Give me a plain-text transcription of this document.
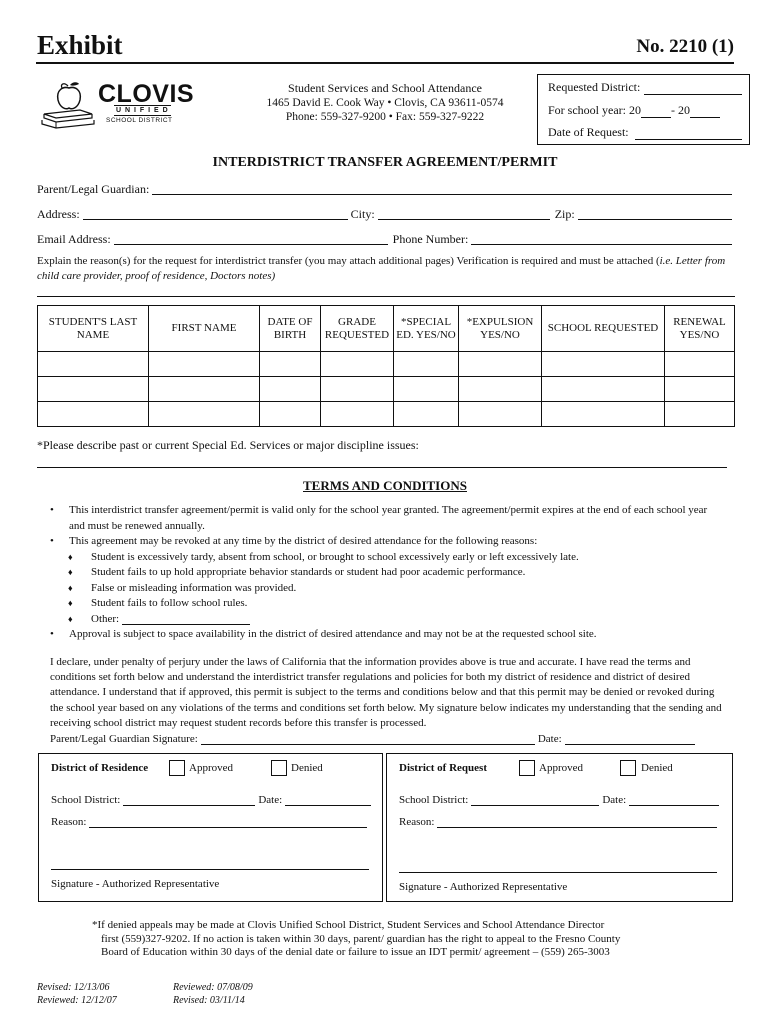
Exhibit	No. 2210 (1)
CLOVIS
U N I F I E D
SCHOOL DISTRICT
Student Services and School Attendance
1465 David E. Cook Way • Clovis, CA 93611-0574
Phone: 559-327-9200 • Fax: 559-327-9222
Requested District:
For school year: 20	- 20
Date of Request:
INTERDISTRICT TRANSFER AGREEMENT/PERMIT
Parent/Legal Guardian:
Address:	City:	Zip:
Email Address:	Phone Number:
Explain the reason(s) for the request for interdistrict transfer (you may attach additional pages) Verification is required and must be attached (i.e. Letter from child care provider, proof of residence, Doctors notes)
STUDENT'S LAST NAME	FIRST NAME	DATE OF BIRTH	GRADE REQUESTED	*SPECIAL ED. YES/NO	*EXPULSION YES/NO	SCHOOL REQUESTED	RENEWAL YES/NO

*Please describe past or current Special Ed. Services or major discipline issues:
TERMS AND CONDITIONS
•	This interdistrict transfer agreement/permit is valid only for the school year granted. The agreement/permit expires at the end of each school year and must be renewed annually.
•	This agreement may be revoked at any time by the district of desired attendance for the following reasons:
♦	Student is excessively tardy, absent from school, or brought to school excessively early or left excessively late.
♦	Student fails to up hold appropriate behavior standards or student had poor academic performance.
♦	False or misleading information was provided.
♦	Student fails to follow school rules.
♦	Other:
•	Approval is subject to space availability in the district of desired attendance and may not be at the requested school site.
I declare, under penalty of perjury under the laws of California that the information provides above is true and accurate. I have read the terms and conditions set forth below and understand the interdistrict transfer regulations and policies for both my district of residence and district of desired attendance. I understand that if approved, this permit is subject to the terms and conditions below and that this permit may be denied or revoked during the school year based on any violations of the terms and conditions set forth below. My signature below indicates my understanding that the sending and receiving school district may request student records before this transfer is processed.
Parent/Legal Guardian Signature:	Date:
District of Residence	Approved	Denied
School District:	Date:
Reason:
Signature - Authorized Representative
District of Request	Approved	Denied
School District:	Date:
Reason:
Signature - Authorized Representative
*If denied appeals may be made at Clovis Unified School District, Student Services and School Attendance Director
first (559)327-9202. If no action is taken within 30 days, parent/ guardian has the right to appeal to the Fresno County
Board of Education within 30 days of the denial date or failure to issue an IDT permit/ agreement – (559) 265-3003
Revised: 12/13/06
Reviewed: 12/12/07
Reviewed: 07/08/09
Revised: 03/11/14
